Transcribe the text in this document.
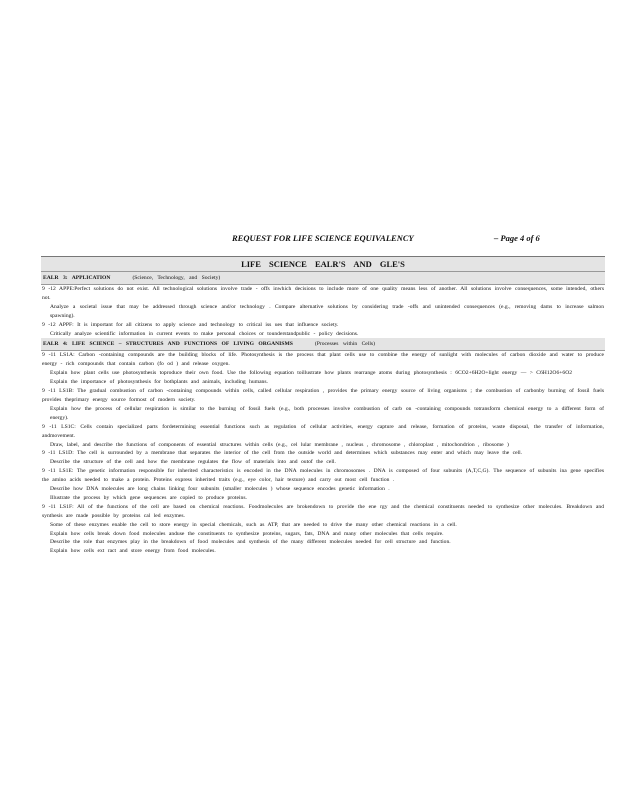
REQUEST FOR LIFE SCIENCE EQUIVALENCY	– Page 4 of 6
LIFE SCIENCE EALR'S AND GLE'S
EALR 3: APPLICATION	(Science, Technology, and Society)
9 -12 APPE:Perfect solutions do not exist. All technological solutions involve trade - offs inwhich decisions to include more of one quality means less of another. All solutions involve consequences, some intended, others not.
Analyze a societal issue that may be addressed through science and/or technology . Compare alternative solutions by considering trade -offs and unintended consequences (e.g., removing dams to increase salmon spawning).
9 -12 APPF: It is important for all citizens to apply science and technology to critical iss ues that influence society.
Critically analyze scientific information in current events to make personal choices or tounderstandpublic - policy decisions.
EALR 4: LIFE SCIENCE – STRUCTURES AND FUNCTIONS OF LIVING ORGANISMS	(Processes within Cells)
9 -11 LS1A: Carbon -containing compounds are the building blocks of life. Photosynthesis is the process that plant cells use to combine the energy of sunlight with molecules of carbon dioxide and water to produce energy - rich compounds that contain carbon (fo od ) and release oxygen.
Explain how plant cells use photosynthesis toproduce their own food. Use the following equation toillustrate how plants rearrange atoms during photosynthesis : 6CO2+6H2O+light energy — > C6H12O6+6O2
Explain the importance of photosynthesis for bothplants and animals, including humans.
9 -11 LS1B: The gradual combustion of carbon -containing compounds within cells, called cellular respiration , provides the primary energy source of living organisms ; the combustion of carbonby burning of fossil fuels provides theprimary energy source formost of modern society.
Explain how the process of cellular respiration is similar to the burning of fossil fuels (e.g., both processes involve combustion of carb on -containing compounds totransform chemical energy to a different form of energy).
9 -11 LS1C: Cells contain specialized parts fordetermining essential functions such as regulation of cellular activities, energy capture and release, formation of proteins, waste disposal, the transfer of information, andmovement.
Draw, label, and describe the functions of components of essential structures within cells (e.g., cel lular membrane , nucleus , chromosome , chloroplast , mitochondrion , ribosome )
9 -11 LS1D: The cell is surrounded by a membrane that separates the interior of the cell from the outside world and determines which substances may enter and which may leave the cell.
Describe the structure of the cell and how the membrane regulates the flow of materials into and outof the cell.
9 -11 LS1E: The genetic information responsible for inherited characteristics is encoded in the DNA molecules in chromosomes . DNA is composed of four subunits (A,T,C,G). The sequence of subunits ina gene specifies the amino acids needed to make a protein. Proteins express inherited traits (e.g., eye color, hair texture) and carry out most cell function .
Describe how DNA molecules are long chains linking four subunits (smaller molecules ) whose sequence encodes genetic information .
Illustrate the process by which gene sequences are copied to produce proteins.
9 -11 LS1F: All of the functions of the cell are based on chemical reactions. Foodmolecules are brokendown to provide the ene rgy and the chemical constituents needed to synthesize other molecules. Breakdown and synthesis are made possible by proteins cal led enzymes.
Some of these enzymes enable the cell to store energy in special chemicals, such as ATP, that are needed to drive the many other chemical reactions in a cell.
Explain how cells break down food molecules anduse the constituents to synthesize proteins, sugars, fats, DNA and many other molecules that cells require.
Describe the role that enzymes play in the breakdown of food molecules and synthesis of the many different molecules needed for cell structure and function.
Explain how cells ext ract and store energy from food molecules.
